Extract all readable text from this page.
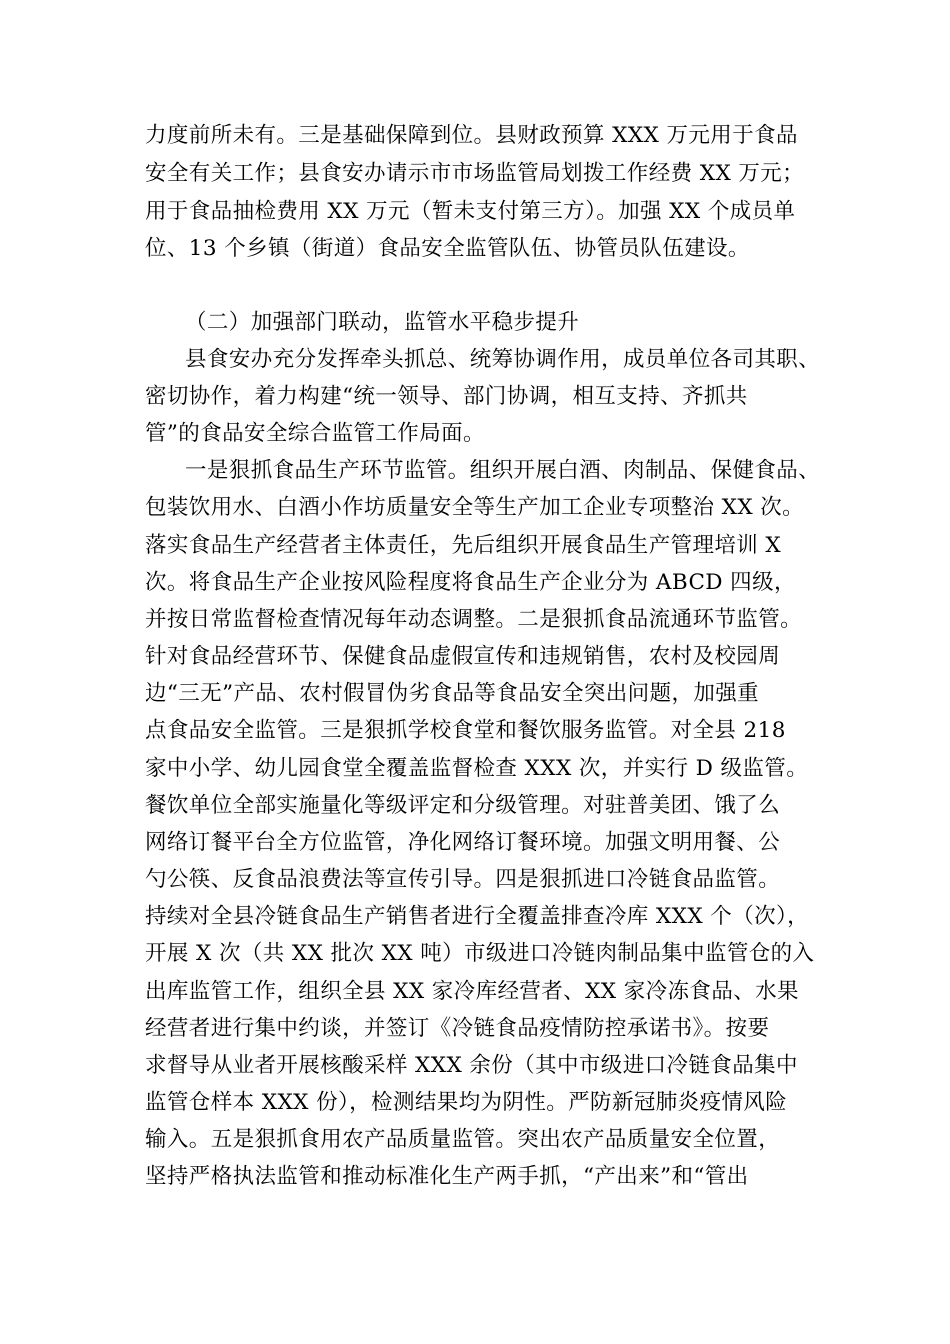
力度前所未有。三是基础保障到位。县财政预算 XXX 万元用于食品
安全有关工作；县食安办请示市市场监管局划拨工作经费 XX 万元；
用于食品抽检费用 XX 万元（暂未支付第三方）。加强 XX 个成员单
位、13 个乡镇（街道）食品安全监管队伍、协管员队伍建设。
（二）加强部门联动，监管水平稳步提升
县食安办充分发挥牵头抓总、统筹协调作用，成员单位各司其职、
密切协作，着力构建“统一领导、部门协调，相互支持、齐抓共
管”的食品安全综合监管工作局面。
一是狠抓食品生产环节监管。组织开展白酒、肉制品、保健食品、
包装饮用水、白酒小作坊质量安全等生产加工企业专项整治 XX 次。
落实食品生产经营者主体责任，先后组织开展食品生产管理培训 X
次。将食品生产企业按风险程度将食品生产企业分为 ABCD 四级，
并按日常监督检查情况每年动态调整。二是狠抓食品流通环节监管。
针对食品经营环节、保健食品虚假宣传和违规销售，农村及校园周
边“三无”产品、农村假冒伪劣食品等食品安全突出问题，加强重
点食品安全监管。三是狠抓学校食堂和餐饮服务监管。对全县 218
家中小学、幼儿园食堂全覆盖监督检查 XXX 次，并实行 D 级监管。
餐饮单位全部实施量化等级评定和分级管理。对驻普美团、饿了么
网络订餐平台全方位监管，净化网络订餐环境。加强文明用餐、公
勺公筷、反食品浪费法等宣传引导。四是狠抓进口冷链食品监管。
持续对全县冷链食品生产销售者进行全覆盖排查冷库 XXX 个（次），
开展 X 次（共 XX 批次 XX 吨）市级进口冷链肉制品集中监管仓的入
出库监管工作，组织全县 XX 家冷库经营者、XX 家冷冻食品、水果
经营者进行集中约谈，并签订《冷链食品疫情防控承诺书》。按要
求督导从业者开展核酸采样 XXX 余份（其中市级进口冷链食品集中
监管仓样本 XXX 份），检测结果均为阴性。严防新冠肺炎疫情风险
输入。五是狠抓食用农产品质量监管。突出农产品质量安全位置，
坚持严格执法监管和推动标准化生产两手抓，“产出来”和“管出
